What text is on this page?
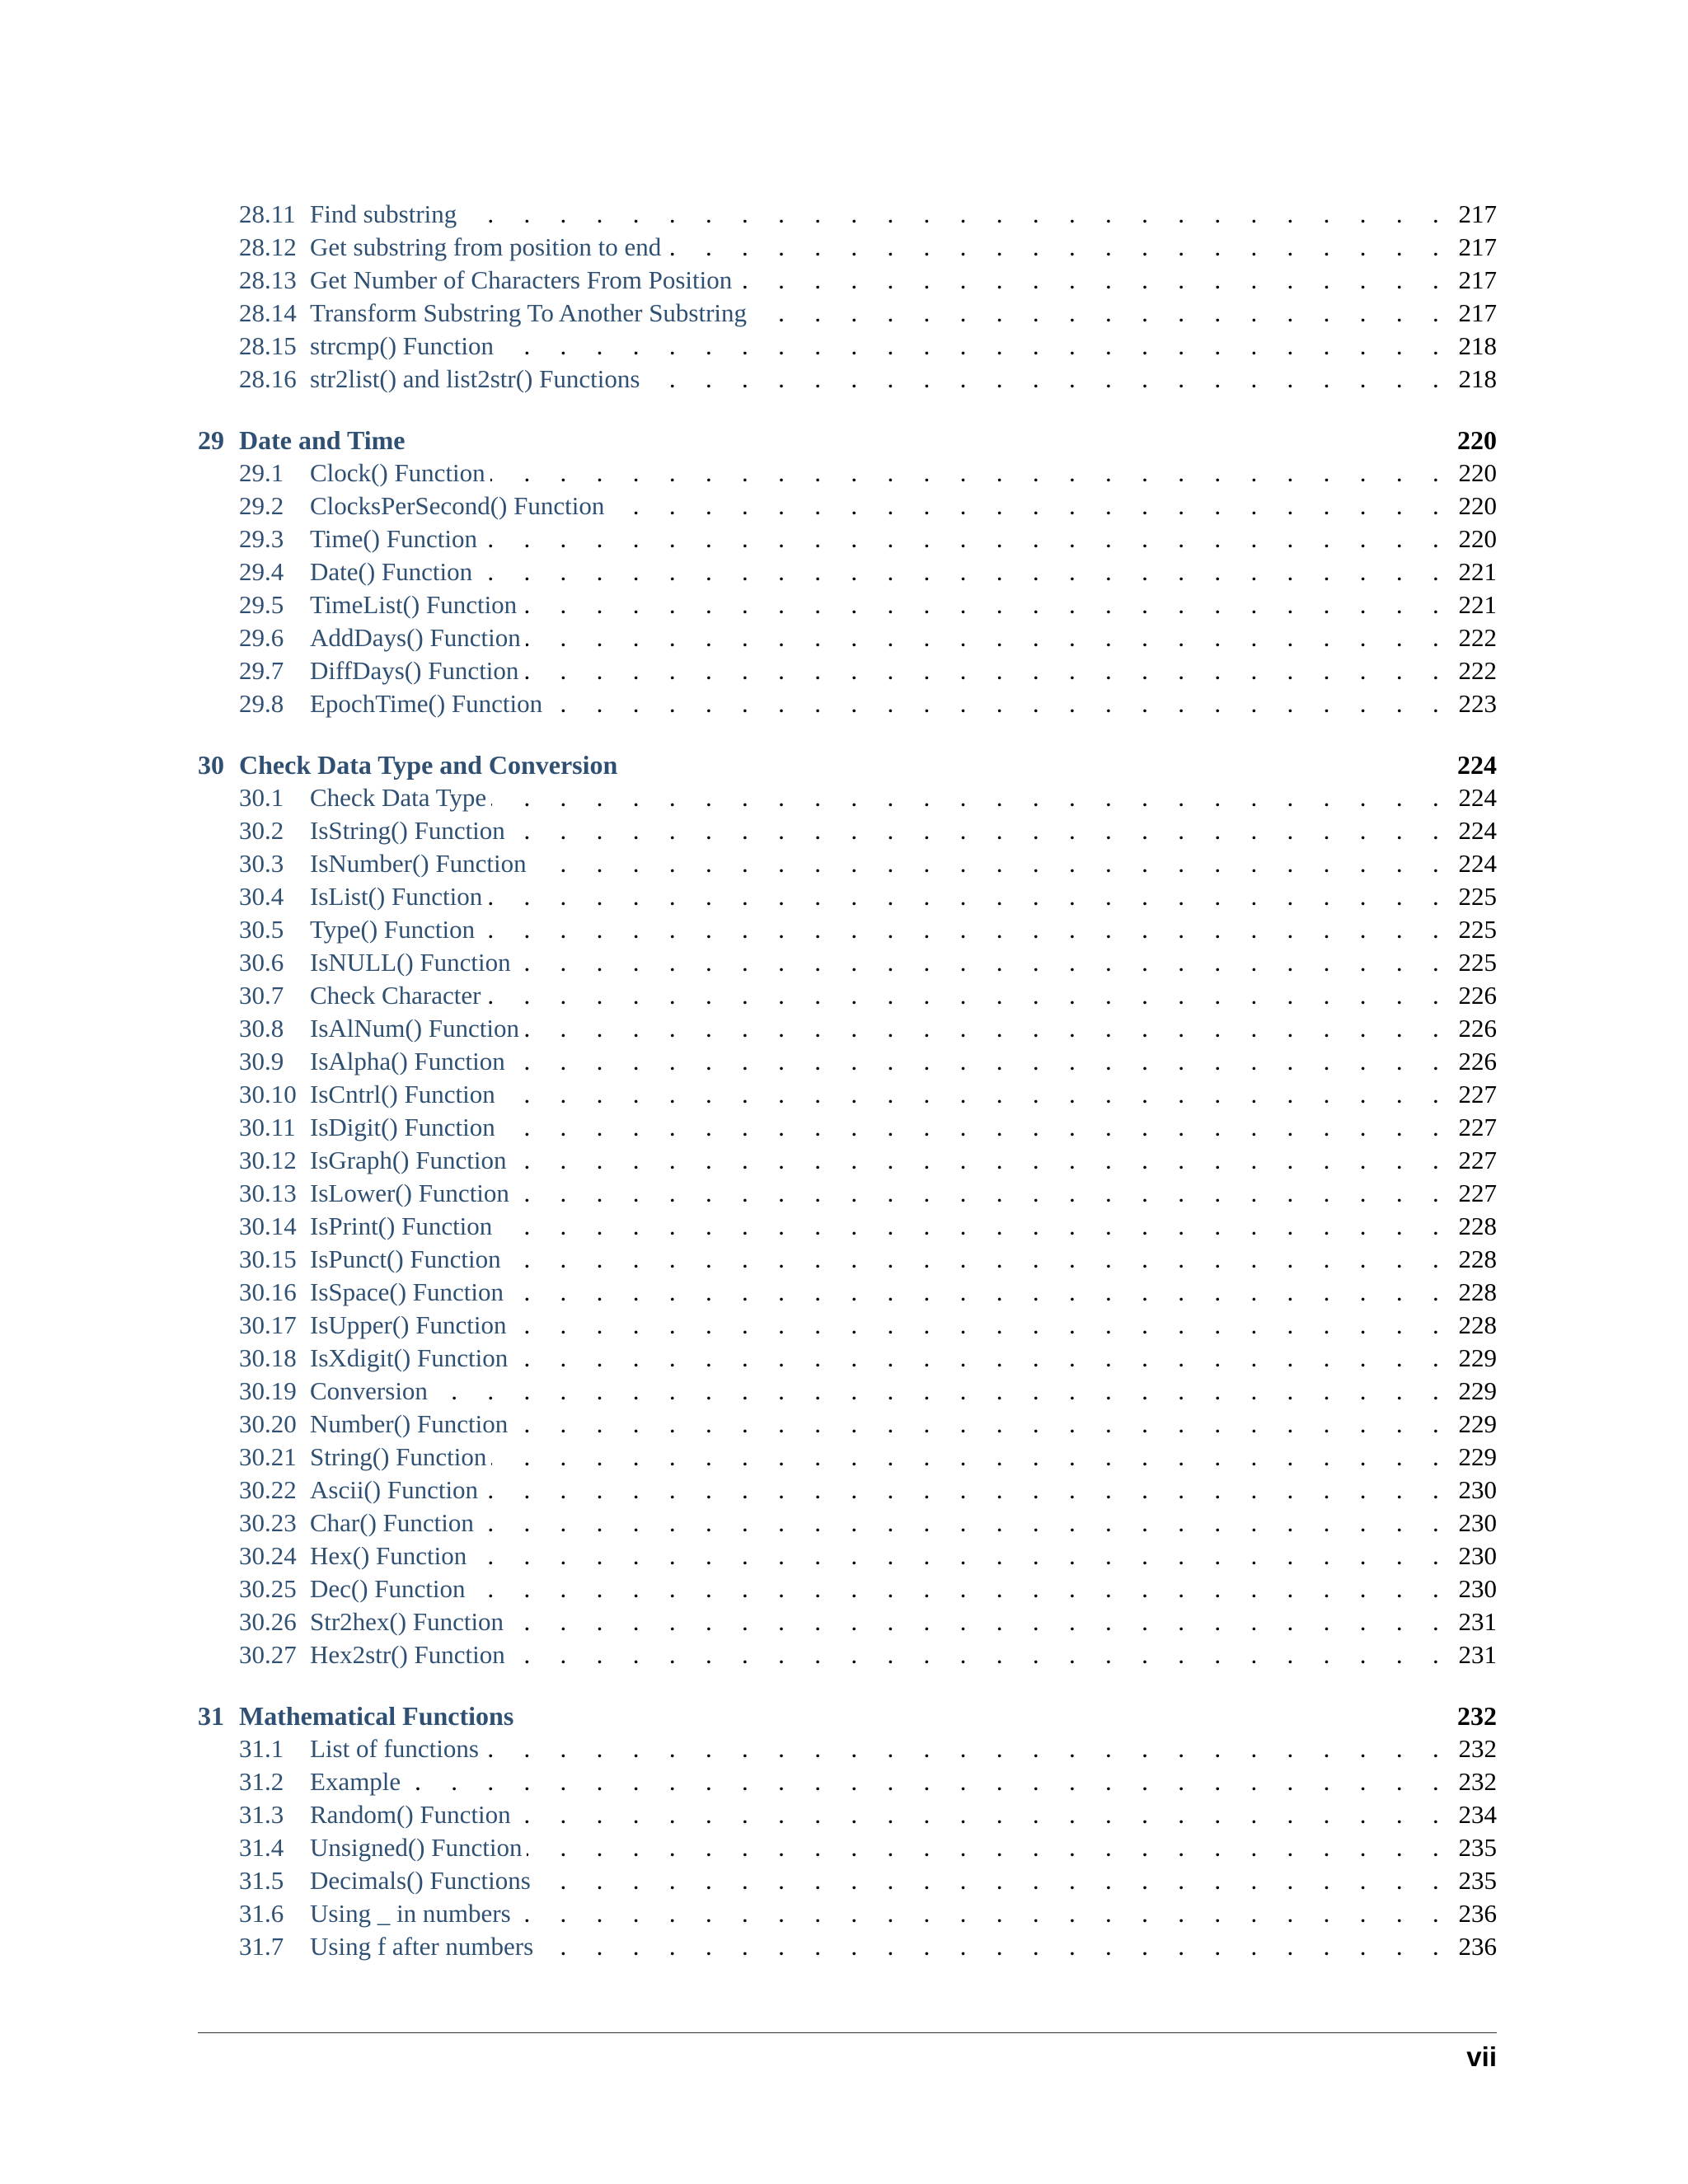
28.11 Find substring . . .	217
28.12 Get substring from position to end . . .	217
28.13 Get Number of Characters From Position . . .	217
28.14 Transform Substring To Another Substring . . .	217
28.15 strcmp() Function . . .	218
28.16 str2list() and list2str() Functions . . .	218
29 Date and Time	220
29.1	Clock() Function . . .	220
29.2	ClocksPerSecond() Function . . .	220
29.3	Time() Function . . .	220
29.4	Date() Function . . .	221
29.5	TimeList() Function . . .	221
29.6	AddDays() Function . . .	222
29.7	DiffDays() Function . . .	222
29.8	EpochTime() Function . . .	223
30 Check Data Type and Conversion	224
30.1	Check Data Type . . .	224
30.2	IsString() Function . . .	224
30.3	IsNumber() Function . . .	224
30.4	IsList() Function . . .	225
30.5	Type() Function . . .	225
30.6	IsNULL() Function . . .	225
30.7	Check Character . . .	226
30.8	IsAlNum() Function . . .	226
30.9	IsAlpha() Function . . .	226
30.10 IsCntrl() Function . . .	227
30.11 IsDigit() Function . . .	227
30.12 IsGraph() Function . . .	227
30.13 IsLower() Function . . .	227
30.14 IsPrint() Function . . .	228
30.15 IsPunct() Function . . .	228
30.16 IsSpace() Function . . .	228
30.17 IsUpper() Function . . .	228
30.18 IsXdigit() Function . . .	229
30.19 Conversion . . .	229
30.20 Number() Function . . .	229
30.21 String() Function . . .	229
30.22 Ascii() Function . . .	230
30.23 Char() Function . . .	230
30.24 Hex() Function . . .	230
30.25 Dec() Function . . .	230
30.26 Str2hex() Function . . .	231
30.27 Hex2str() Function . . .	231
31 Mathematical Functions	232
31.1	List of functions . . .	232
31.2	Example . . .	232
31.3	Random() Function . . .	234
31.4	Unsigned() Function . . .	235
31.5	Decimals() Functions . . .	235
31.6	Using _ in numbers . . .	236
31.7	Using f after numbers . . .	236
vii
